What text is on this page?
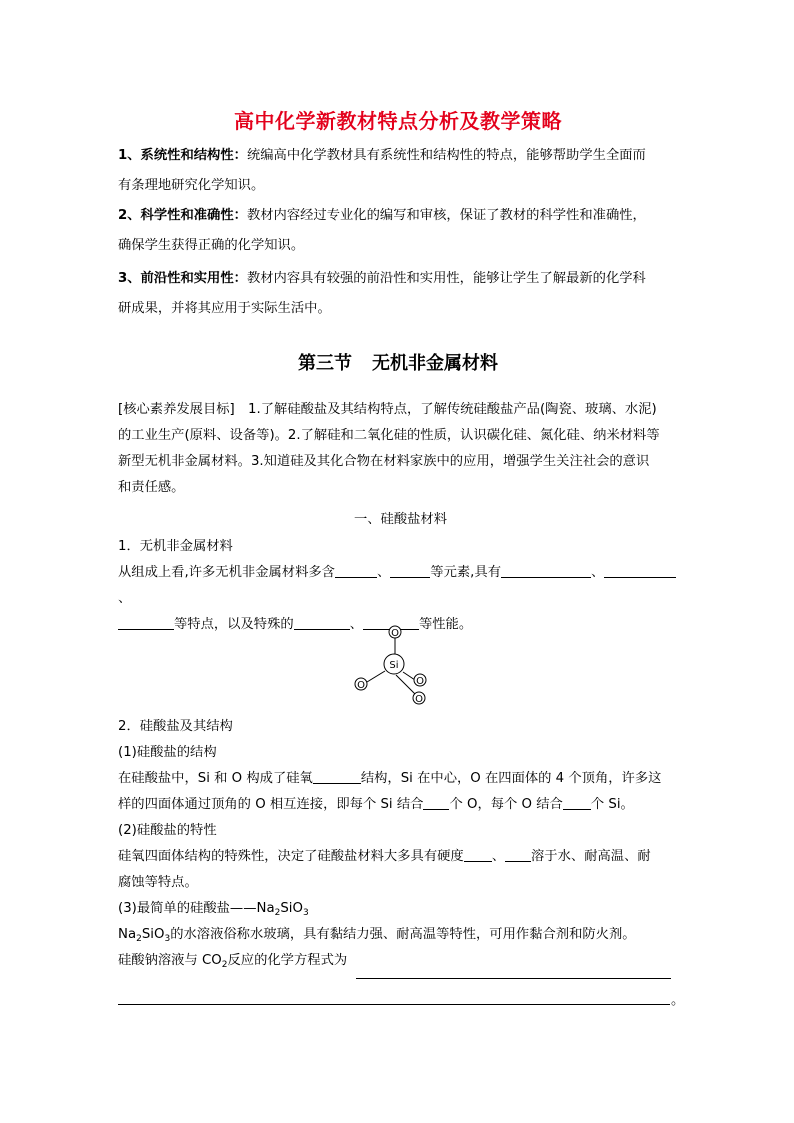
高中化学新教材特点分析及教学策略
1、系统性和结构性：统编高中化学教材具有系统性和结构性的特点，能够帮助学生全面而
有条理地研究化学知识。
2、科学性和准确性：教材内容经过专业化的编写和审核，保证了教材的科学性和准确性，
确保学生获得正确的化学知识。
3、前沿性和实用性：教材内容具有较强的前沿性和实用性，能够让学生了解最新的化学科
研成果，并将其应用于实际生活中。
第三节 无机非金属材料
[核心素养发展目标]　1.了解硅酸盐及其结构特点，了解传统硅酸盐产品(陶瓷、玻璃、水泥)
的工业生产(原料、设备等)。2.了解硅和二氧化硅的性质，认识碳化硅、氮化硅、纳米材料等
新型无机非金属材料。3.知道硅及其化合物在材料家族中的应用，增强学生关注社会的意识
和责任感。
一、硅酸盐材料
1．无机非金属材料
从组成上看,许多无机非金属材料多含	、	等元素,具有	、、
等特点，以及特殊的	、	等性能。
O
Si
O	O
O
2．硅酸盐及其结构
(1)硅酸盐的结构
在硅酸盐中，Si 和 O 构成了硅氧	结构，Si 在中心，O 在四面体的 4 个顶角，许多这
样的四面体通过顶角的 O 相互连接，即每个 Si 结合 个 O，每个 O 结合 个 Si。
(2)硅酸盐的特性
硅氧四面体结构的特殊性，决定了硅酸盐材料大多具有硬度 、 溶于水、耐高温、耐
腐蚀等特点。
(3)最简单的硅酸盐$——Na_2SiO_3$
$Na_2SiO_3$的水溶液俗称水玻璃，具有黏结力强、耐高温等特性，可用作黏合剂和防火剂。
硅酸钠溶液与 $CO_2$反应的化学方程式为
。
